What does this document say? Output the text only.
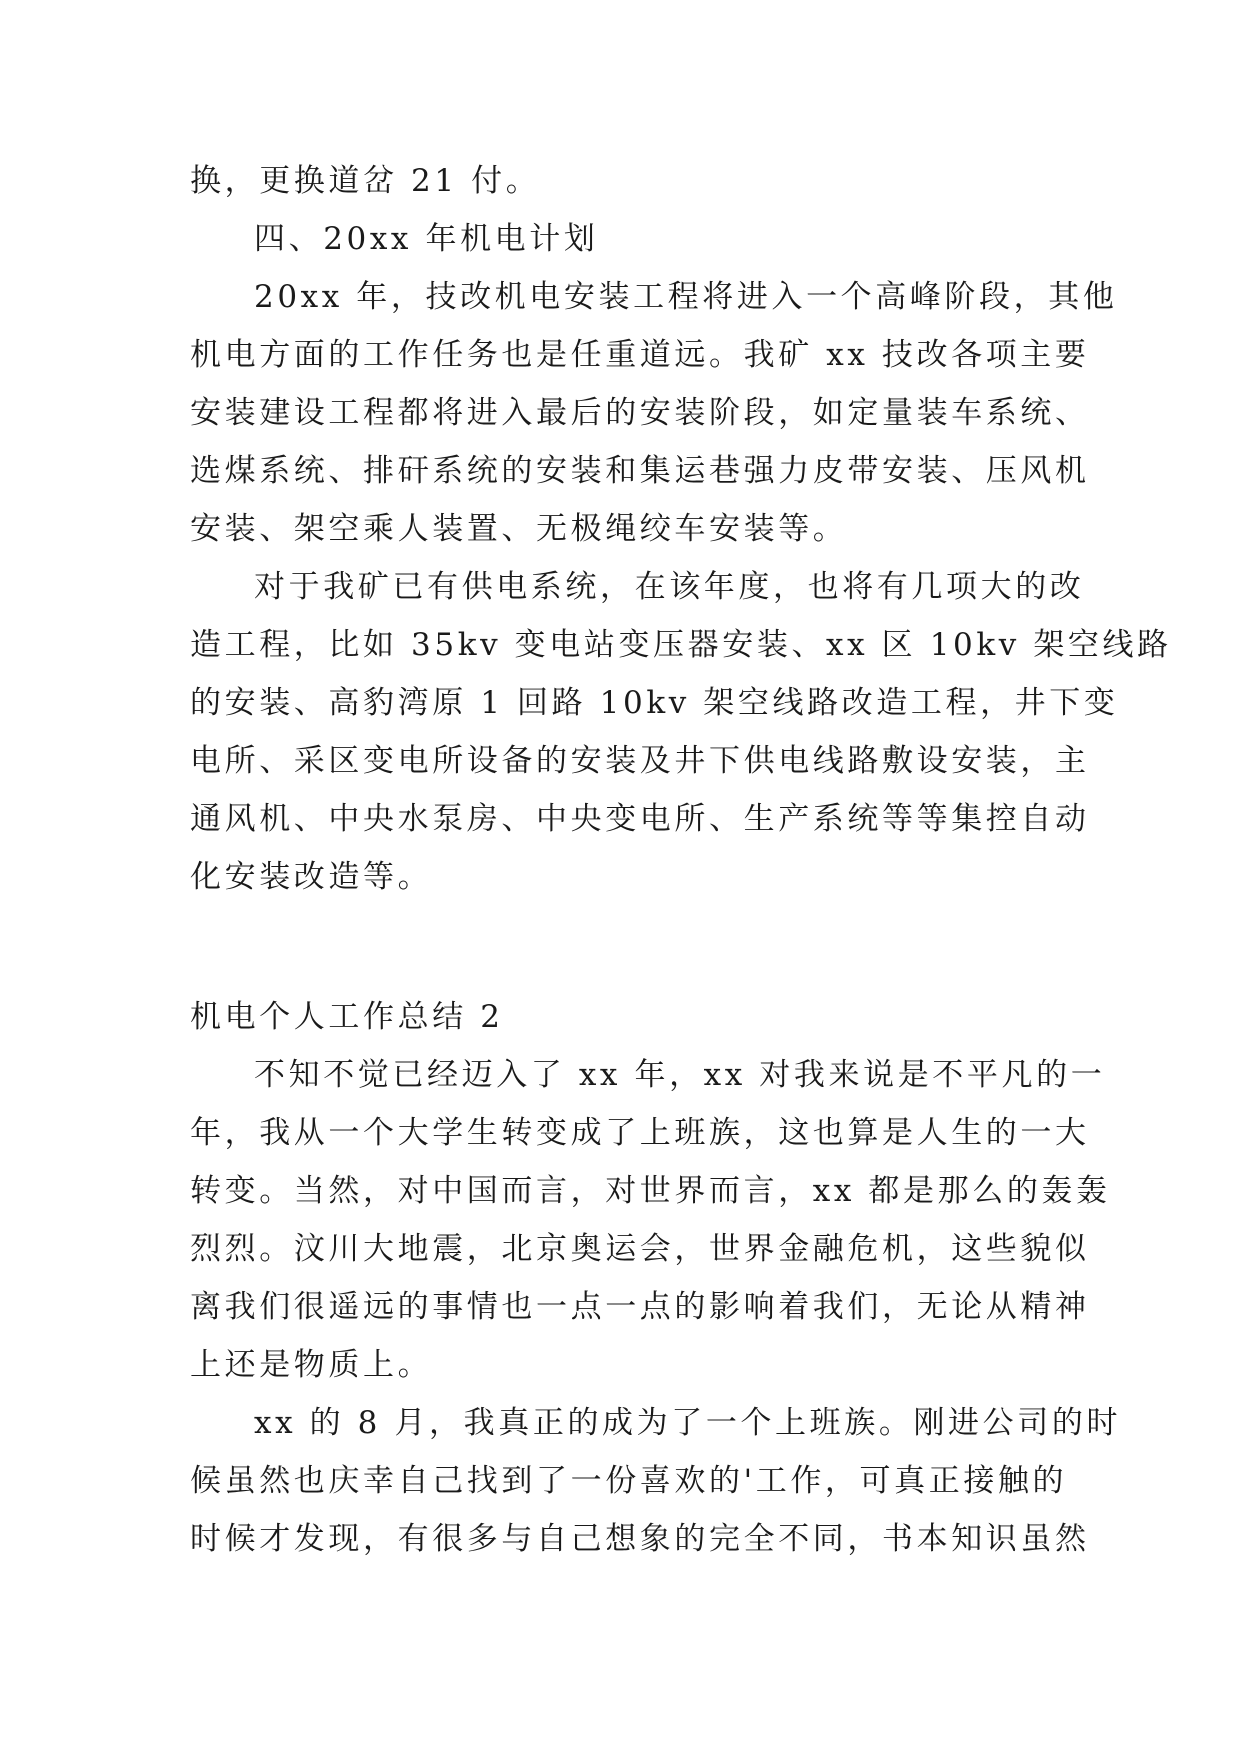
换，更换道岔 21 付。
四、20xx 年机电计划
20xx 年，技改机电安装工程将进入一个高峰阶段，其他
机电方面的工作任务也是任重道远。我矿 xx 技改各项主要
安装建设工程都将进入最后的安装阶段，如定量装车系统、
选煤系统、排矸系统的安装和集运巷强力皮带安装、压风机
安装、架空乘人装置、无极绳绞车安装等。
对于我矿已有供电系统，在该年度，也将有几项大的改
造工程，比如 35kv 变电站变压器安装、xx 区 10kv 架空线路
的安装、高豹湾原 1 回路 10kv 架空线路改造工程，井下变
电所、采区变电所设备的安装及井下供电线路敷设安装，主
通风机、中央水泵房、中央变电所、生产系统等等集控自动
化安装改造等。
机电个人工作总结 2
不知不觉已经迈入了 xx 年，xx 对我来说是不平凡的一
年，我从一个大学生转变成了上班族，这也算是人生的一大
转变。当然，对中国而言，对世界而言，xx 都是那么的轰轰
烈烈。汶川大地震，北京奥运会，世界金融危机，这些貌似
离我们很遥远的事情也一点一点的影响着我们，无论从精神
上还是物质上。
xx 的 8 月，我真正的成为了一个上班族。刚进公司的时
候虽然也庆幸自己找到了一份喜欢的'工作，可真正接触的
时候才发现，有很多与自己想象的完全不同，书本知识虽然
